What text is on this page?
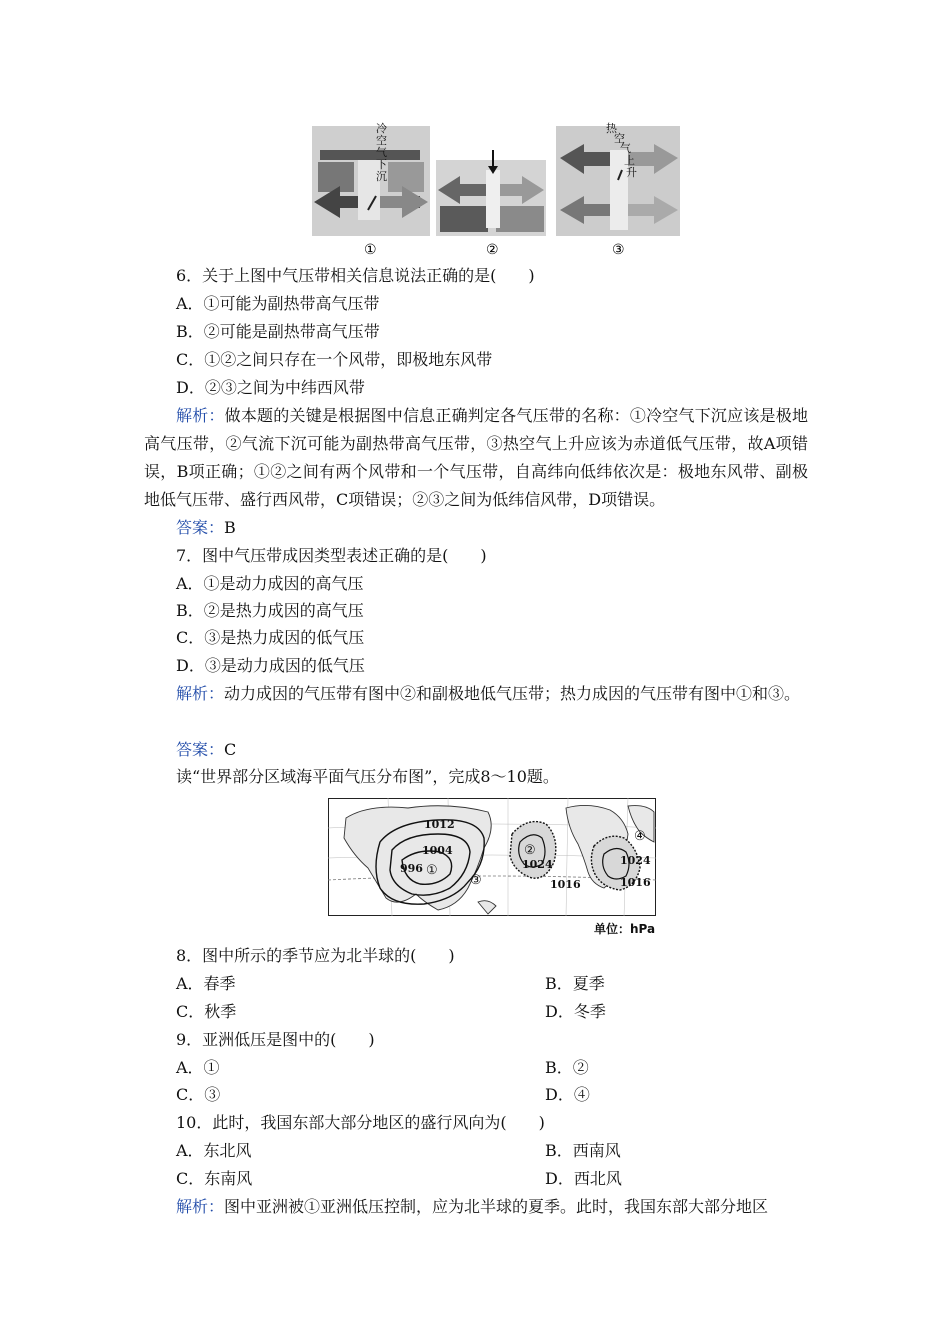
冷
空
气
下
沉
热
空
气
上
升
①	②	③
6．关于上图中气压带相关信息说法正确的是(　　)
A．①可能为副热带高气压带
B．②可能是副热带高气压带
C．①②之间只存在一个风带，即极地东风带
D．②③之间为中纬西风带
解析：做本题的关键是根据图中信息正确判定各气压带的名称：①冷空气下沉应该是极地高气压带，②气流下沉可能为副热带高气压带，③热空气上升应该为赤道低气压带，故A项错误，B项正确；①②之间有两个风带和一个气压带，自高纬向低纬依次是：极地东风带、副极地低气压带、盛行西风带，C项错误；②③之间为低纬信风带，D项错误。
答案：B
7．图中气压带成因类型表述正确的是(　　)
A．①是动力成因的高气压
B．②是热力成因的高气压
C．③是热力成因的低气压
D．③是动力成因的低气压
解析：动力成因的气压带有图中②和副极地低气压带；热力成因的气压带有图中①和③。
答案：C
读“世界部分区域海平面气压分布图”，完成8～10题。
1012
1004
996	1024
1016
1024
1016
①
②
③
④
单位：hPa
8．图中所示的季节应为北半球的(　　)
A．春季	B．夏季
C．秋季	D．冬季
9．亚洲低压是图中的(　　)
A．①	B．②
C．③	D．④
10．此时，我国东部大部分地区的盛行风向为(　　)
A．东北风	B．西南风
C．东南风	D．西北风
解析：图中亚洲被①亚洲低压控制，应为北半球的夏季。此时，我国东部大部分地区
